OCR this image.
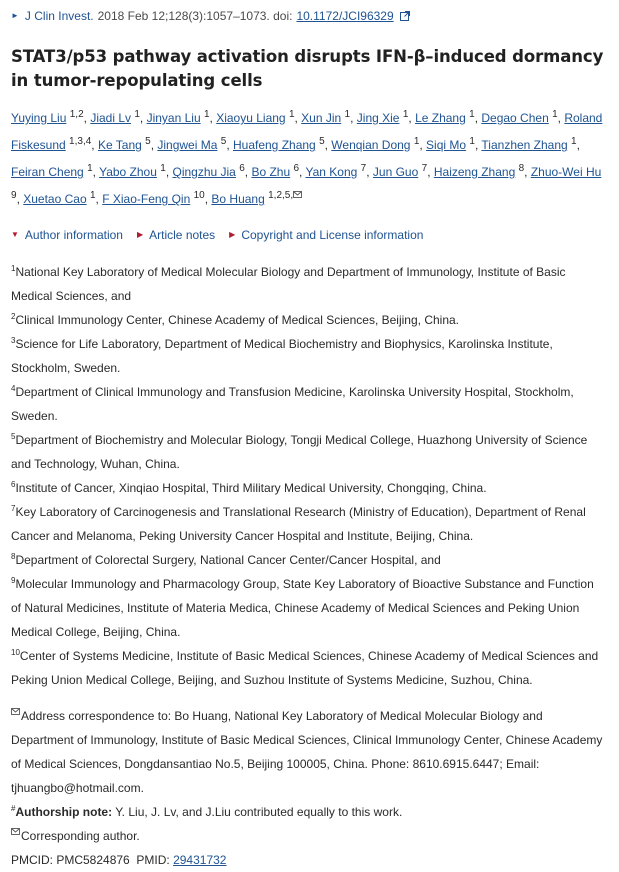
► J Clin Invest. 2018 Feb 12;128(3):1057–1073. doi: 10.1172/JCI96329
STAT3/p53 pathway activation disrupts IFN-β–induced dormancy in tumor-repopulating cells
Yuying Liu $^{1,2}$, Jiadi Lv $^1$, Jinyan Liu $^1$, Xiaoyu Liang $^1$, Xun Jin $^1$, Jing Xie $^1$, Le Zhang $^1$, Degao Chen $^1$, Roland Fiskesund $^{1,3,4}$, Ke Tang $^5$, Jingwei Ma $^5$, Huafeng Zhang $^5$, Wenqian Dong $^1$, Siqi Mo $^1$, Tianzhen Zhang $^1$, Feiran Cheng $^1$, Yabo Zhou $^1$, Qingzhu Jia $^6$, Bo Zhu $^6$, Yan Kong $^7$, Jun Guo $^7$, Haizeng Zhang $^8$, Zhuo-Wei Hu $^9$, Xuetao Cao $^1$, F Xiao-Feng Qin $^{10}$, Bo Huang $^{1,2,5,}$
▼ Author information ▶ Article notes ▶ Copyright and License information
$^1$National Key Laboratory of Medical Molecular Biology and Department of Immunology, Institute of Basic Medical Sciences, and
$^2$Clinical Immunology Center, Chinese Academy of Medical Sciences, Beijing, China.
$^3$Science for Life Laboratory, Department of Medical Biochemistry and Biophysics, Karolinska Institute, Stockholm, Sweden.
$^4$Department of Clinical Immunology and Transfusion Medicine, Karolinska University Hospital, Stockholm, Sweden.
$^5$Department of Biochemistry and Molecular Biology, Tongji Medical College, Huazhong University of Science and Technology, Wuhan, China.
$^6$Institute of Cancer, Xinqiao Hospital, Third Military Medical University, Chongqing, China.
$^7$Key Laboratory of Carcinogenesis and Translational Research (Ministry of Education), Department of Renal Cancer and Melanoma, Peking University Cancer Hospital and Institute, Beijing, China.
$^8$Department of Colorectal Surgery, National Cancer Center/Cancer Hospital, and
$^9$Molecular Immunology and Pharmacology Group, State Key Laboratory of Bioactive Substance and Function of Natural Medicines, Institute of Materia Medica, Chinese Academy of Medical Sciences and Peking Union Medical College, Beijing, China.
$^{10}$Center of Systems Medicine, Institute of Basic Medical Sciences, Chinese Academy of Medical Sciences and Peking Union Medical College, Beijing, and Suzhou Institute of Systems Medicine, Suzhou, China.
Address correspondence to: Bo Huang, National Key Laboratory of Medical Molecular Biology and Department of Immunology, Institute of Basic Medical Sciences, Clinical Immunology Center, Chinese Academy of Medical Sciences, Dongdansantiao No.5, Beijing 100005, China. Phone: 8610.6915.6447; Email: tjhuangbo@hotmail.com.
#Authorship note: Y. Liu, J. Lv, and J.Liu contributed equally to this work.
Corresponding author.
PMCID: PMC5824876 PMID: 29431732
